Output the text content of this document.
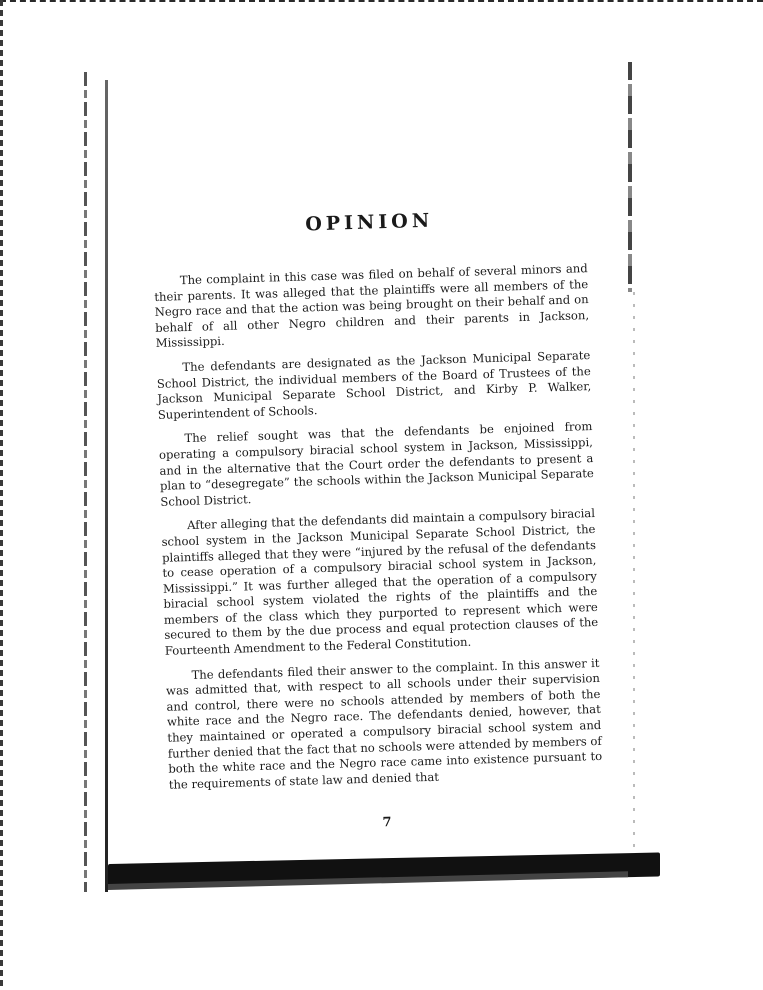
OPINION

The complaint in this case was filed on behalf of several minors and their parents. It was alleged that the plaintiffs were all members of the Negro race and that the action was being brought on their behalf and on behalf of all other Negro children and their parents in Jackson, Mississippi.

The defendants are designated as the Jackson Municipal Separate School District, the individual members of the Board of Trustees of the Jackson Municipal Separate School District, and Kirby P. Walker, Superintendent of Schools.

The relief sought was that the defendants be enjoined from operating a compulsory biracial school system in Jackson, Mississippi, and in the alternative that the Court order the defendants to present a plan to “desegregate” the schools within the Jackson Municipal Separate School District.

After alleging that the defendants did maintain a compulsory biracial school system in the Jackson Municipal Separate School District, the plaintiffs alleged that they were “injured by the refusal of the defendants to cease operation of a compulsory biracial school system in Jackson, Mississippi.” It was further alleged that the operation of a compulsory biracial school system violated the rights of the plaintiffs and the members of the class which they purported to represent which were secured to them by the due process and equal protection clauses of the Fourteenth Amendment to the Federal Constitution.

The defendants filed their answer to the complaint. In this answer it was admitted that, with respect to all schools under their supervision and control, there were no schools attended by members of both the white race and the Negro race. The defendants denied, however, that they maintained or operated a compulsory biracial school system and further denied that the fact that no schools were attended by members of both the white race and the Negro race came into existence pursuant to the requirements of state law and denied that

7
